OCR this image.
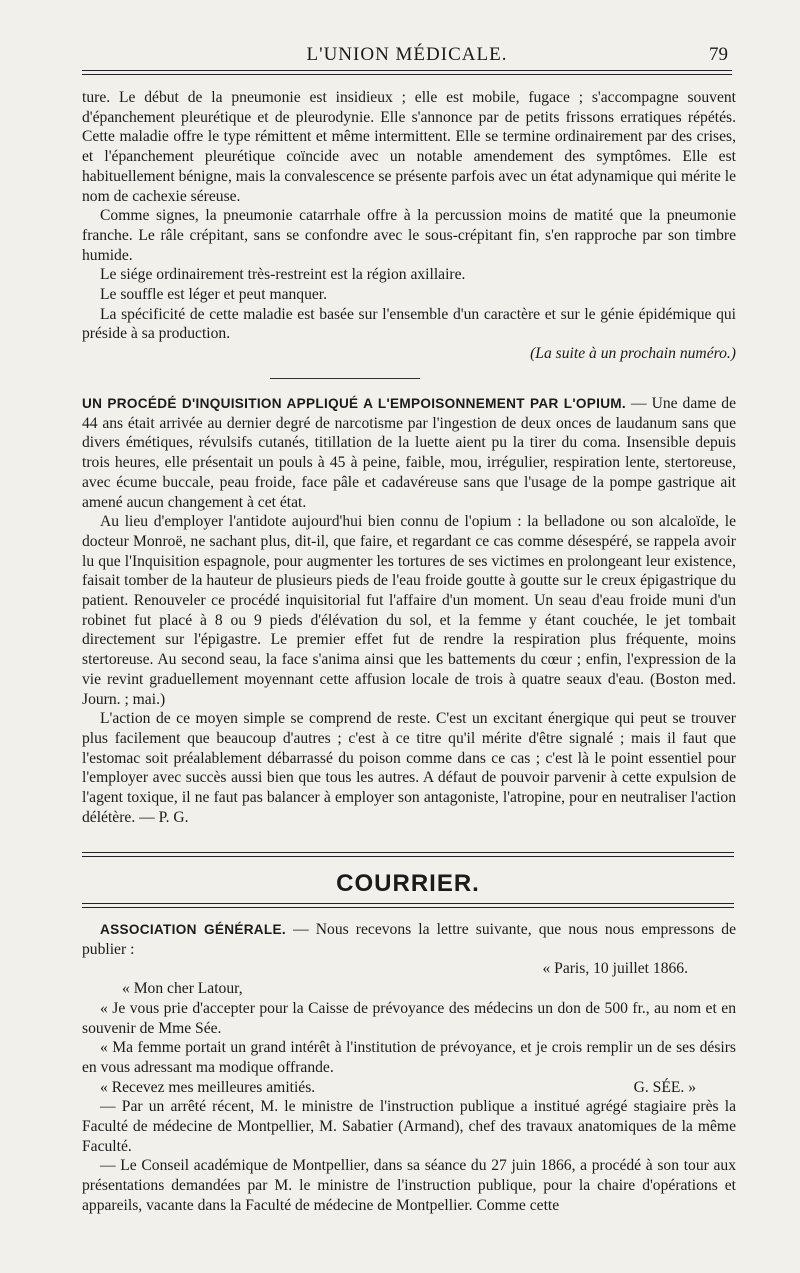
L'UNION MÉDICALE.	79

ture. Le début de la pneumonie est insidieux ; elle est mobile, fugace ; s'accompagne souvent d'épanchement pleurétique et de pleurodynie. Elle s'annonce par de petits frissons erratiques répétés. Cette maladie offre le type rémittent et même intermittent. Elle se termine ordinairement par des crises, et l'épanchement pleurétique coïncide avec un notable amendement des symptômes. Elle est habituellement bénigne, mais la convalescence se présente parfois avec un état adynamique qui mérite le nom de cachexie séreuse.

Comme signes, la pneumonie catarrhale offre à la percussion moins de matité que la pneumonie franche. Le râle crépitant, sans se confondre avec le sous-crépitant fin, s'en rapproche par son timbre humide.

Le siége ordinairement très-restreint est la région axillaire.

Le souffle est léger et peut manquer.

La spécificité de cette maladie est basée sur l'ensemble d'un caractère et sur le génie épidémique qui préside à sa production.

(La suite à un prochain numéro.)

UN PROCÉDÉ D'INQUISITION APPLIQUÉ A L'EMPOISONNEMENT PAR L'OPIUM. — Une dame de 44 ans était arrivée au dernier degré de narcotisme par l'ingestion de deux onces de laudanum sans que divers émétiques, révulsifs cutanés, titillation de la luette aient pu la tirer du coma. Insensible depuis trois heures, elle présentait un pouls à 45 à peine, faible, mou, irrégulier, respiration lente, stertoreuse, avec écume buccale, peau froide, face pâle et cadavéreuse sans que l'usage de la pompe gastrique ait amené aucun changement à cet état.

Au lieu d'employer l'antidote aujourd'hui bien connu de l'opium : la belladone ou son alcaloïde, le docteur Monroë, ne sachant plus, dit-il, que faire, et regardant ce cas comme désespéré, se rappela avoir lu que l'Inquisition espagnole, pour augmenter les tortures de ses victimes en prolongeant leur existence, faisait tomber de la hauteur de plusieurs pieds de l'eau froide goutte à goutte sur le creux épigastrique du patient. Renouveler ce procédé inquisitorial fut l'affaire d'un moment. Un seau d'eau froide muni d'un robinet fut placé à 8 ou 9 pieds d'élévation du sol, et la femme y étant couchée, le jet tombait directement sur l'épigastre. Le premier effet fut de rendre la respiration plus fréquente, moins stertoreuse. Au second seau, la face s'anima ainsi que les battements du cœur ; enfin, l'expression de la vie revint graduellement moyennant cette affusion locale de trois à quatre seaux d'eau. (Boston med. Journ. ; mai.)

L'action de ce moyen simple se comprend de reste. C'est un excitant énergique qui peut se trouver plus facilement que beaucoup d'autres ; c'est à ce titre qu'il mérite d'être signalé ; mais il faut que l'estomac soit préalablement débarrassé du poison comme dans ce cas ; c'est là le point essentiel pour l'employer avec succès aussi bien que tous les autres. A défaut de pouvoir parvenir à cette expulsion de l'agent toxique, il ne faut pas balancer à employer son antagoniste, l'atropine, pour en neutraliser l'action délétère. — P. G.

COURRIER.

ASSOCIATION GÉNÉRALE. — Nous recevons la lettre suivante, que nous nous empressons de publier :

« Paris, 10 juillet 1866.

« Mon cher Latour,

« Je vous prie d'accepter pour la Caisse de prévoyance des médecins un don de 500 fr., au nom et en souvenir de Mme Sée.

« Ma femme portait un grand intérêt à l'institution de prévoyance, et je crois remplir un de ses désirs en vous adressant ma modique offrande.

« Recevez mes meilleures amitiés.	G. SÉE. »

— Par un arrêté récent, M. le ministre de l'instruction publique a institué agrégé stagiaire près la Faculté de médecine de Montpellier, M. Sabatier (Armand), chef des travaux anatomiques de la même Faculté.

— Le Conseil académique de Montpellier, dans sa séance du 27 juin 1866, a procédé à son tour aux présentations demandées par M. le ministre de l'instruction publique, pour la chaire d'opérations et appareils, vacante dans la Faculté de médecine de Montpellier. Comme cette
